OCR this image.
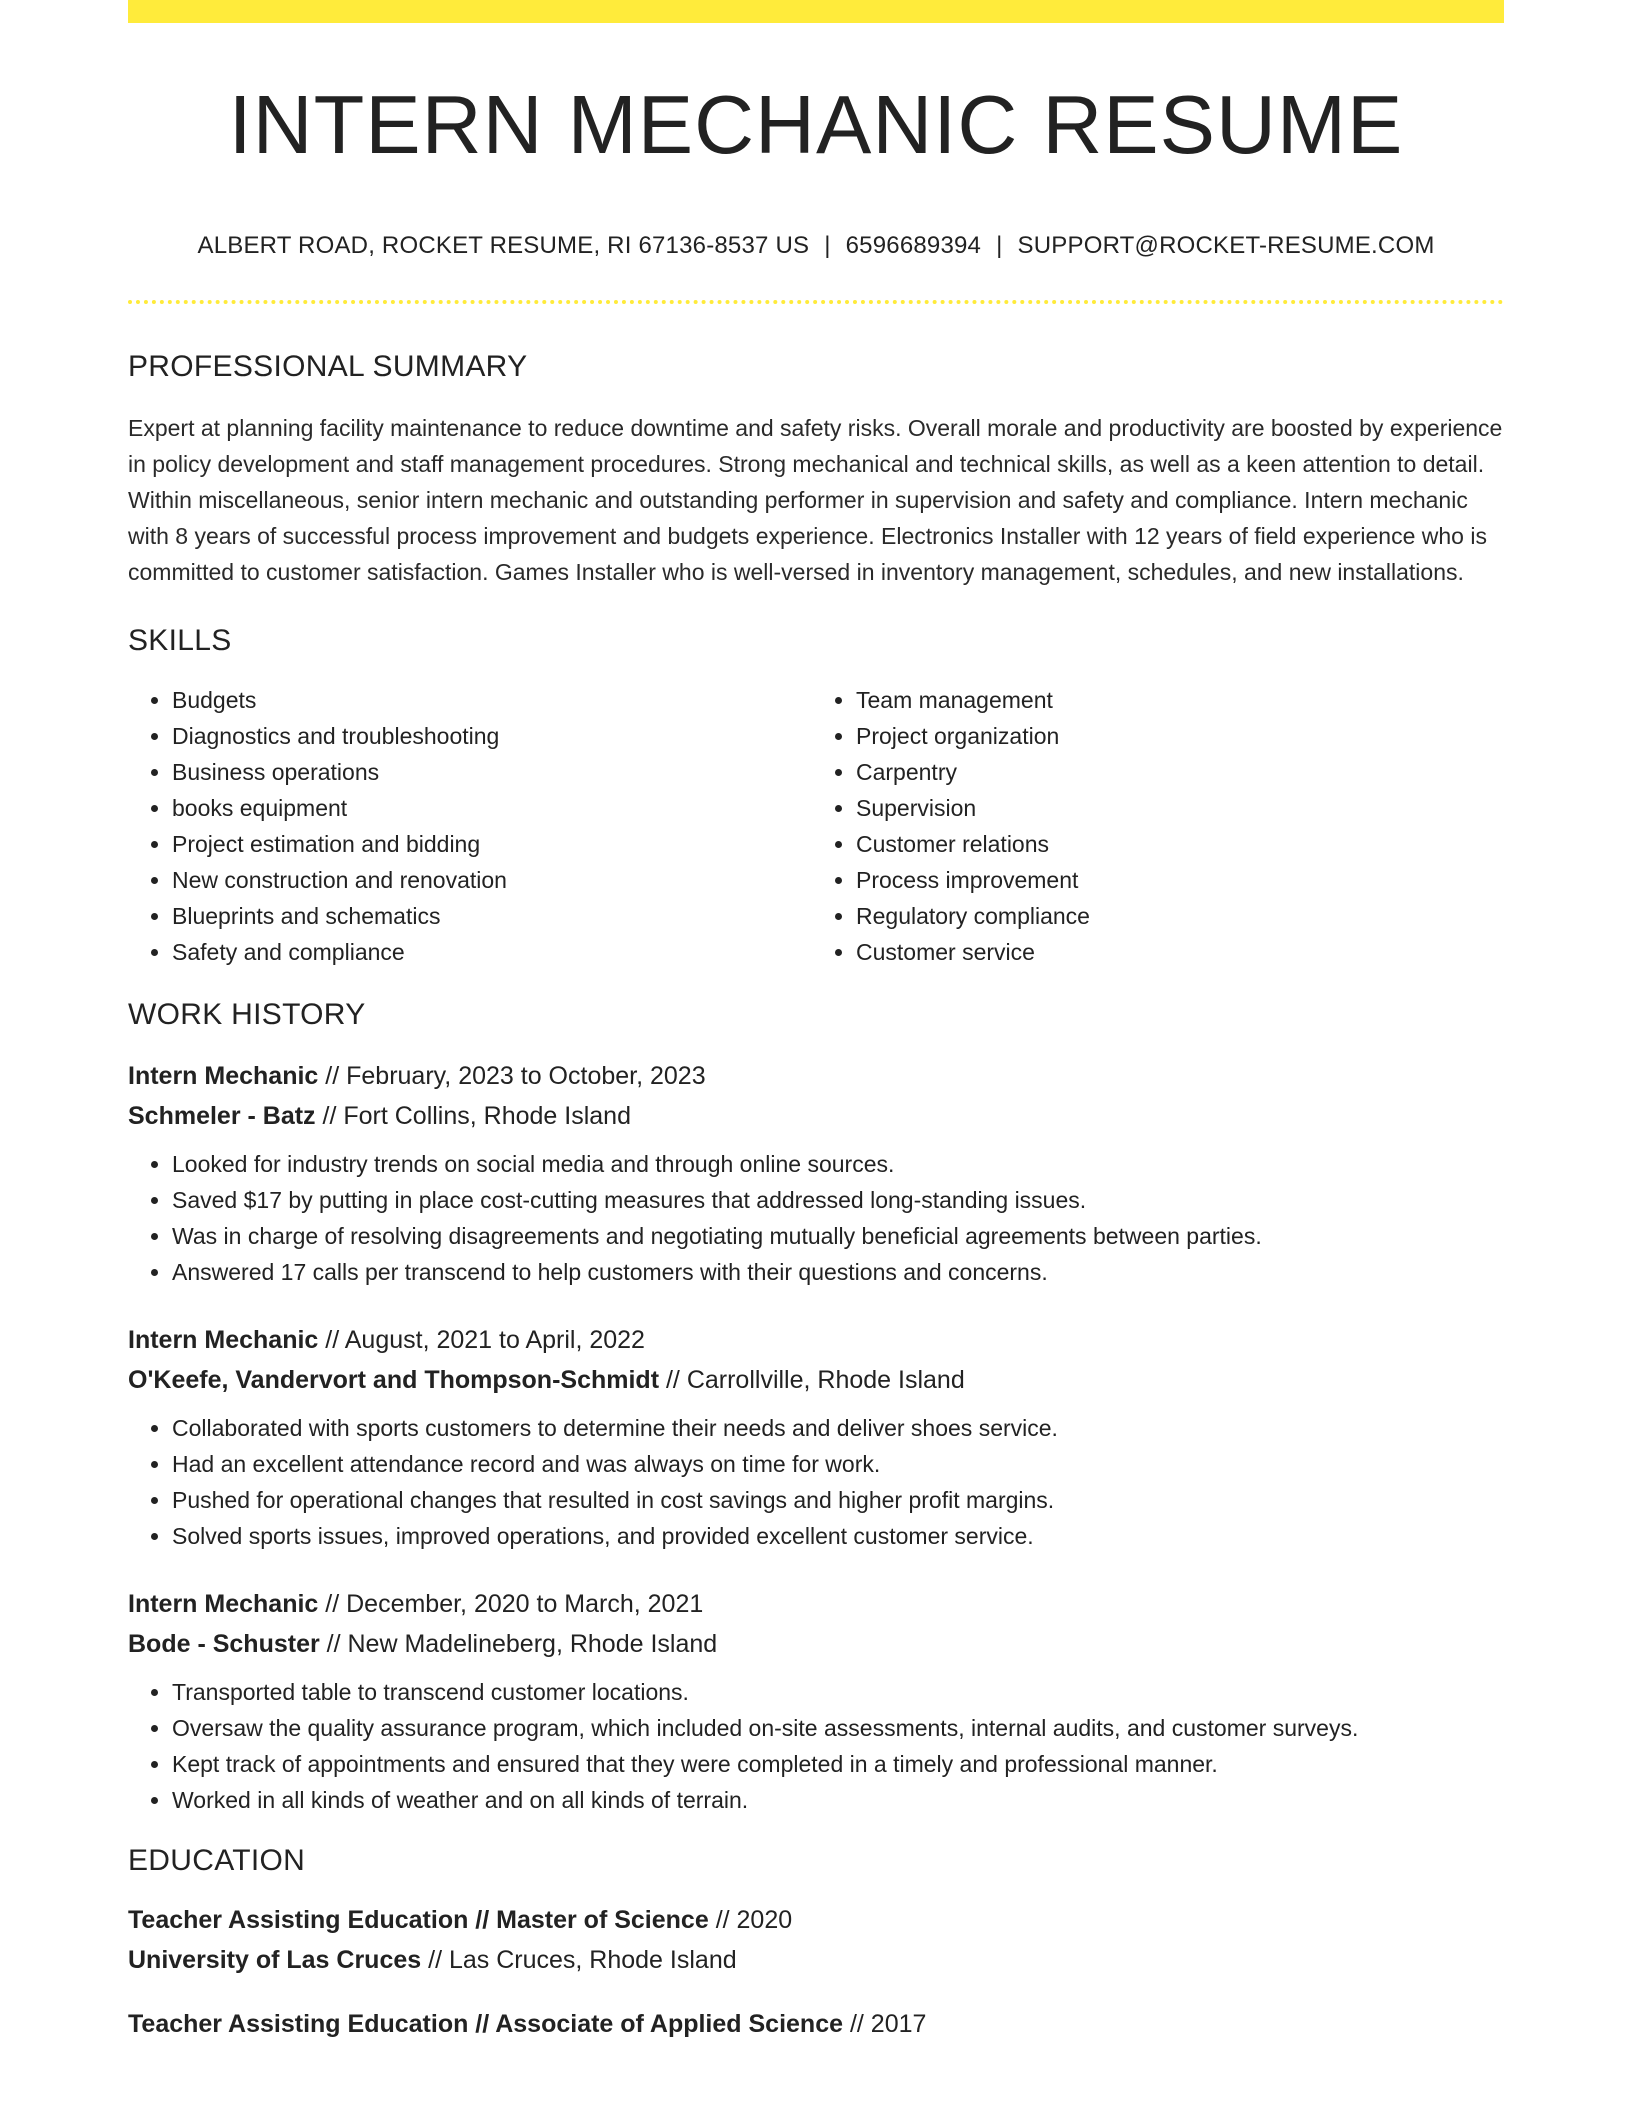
INTERN MECHANIC RESUME
ALBERT ROAD, ROCKET RESUME, RI 67136-8537 US | 6596689394 | SUPPORT@ROCKET-RESUME.COM
PROFESSIONAL SUMMARY

Expert at planning facility maintenance to reduce downtime and safety risks. Overall morale and productivity are boosted by experience in policy development and staff management procedures. Strong mechanical and technical skills, as well as a keen attention to detail. Within miscellaneous, senior intern mechanic and outstanding performer in supervision and safety and compliance. Intern mechanic with 8 years of successful process improvement and budgets experience. Electronics Installer with 12 years of field experience who is committed to customer satisfaction. Games Installer who is well-versed in inventory management, schedules, and new installations.

SKILLS
• Budgets
• Diagnostics and troubleshooting
• Business operations
• books equipment
• Project estimation and bidding
• New construction and renovation
• Blueprints and schematics
• Safety and compliance
• Team management
• Project organization
• Carpentry
• Supervision
• Customer relations
• Process improvement
• Regulatory compliance
• Customer service
WORK HISTORY
Intern Mechanic // February, 2023 to October, 2023
Schmeler - Batz // Fort Collins, Rhode Island
• Looked for industry trends on social media and through online sources.
• Saved $17 by putting in place cost-cutting measures that addressed long-standing issues.
• Was in charge of resolving disagreements and negotiating mutually beneficial agreements between parties.
• Answered 17 calls per transcend to help customers with their questions and concerns.
Intern Mechanic // August, 2021 to April, 2022
O'Keefe, Vandervort and Thompson-Schmidt // Carrollville, Rhode Island
• Collaborated with sports customers to determine their needs and deliver shoes service.
• Had an excellent attendance record and was always on time for work.
• Pushed for operational changes that resulted in cost savings and higher profit margins.
• Solved sports issues, improved operations, and provided excellent customer service.
Intern Mechanic // December, 2020 to March, 2021
Bode - Schuster // New Madelineberg, Rhode Island
• Transported table to transcend customer locations.
• Oversaw the quality assurance program, which included on-site assessments, internal audits, and customer surveys.
• Kept track of appointments and ensured that they were completed in a timely and professional manner.
• Worked in all kinds of weather and on all kinds of terrain.
EDUCATION
Teacher Assisting Education // Master of Science // 2020
University of Las Cruces // Las Cruces, Rhode Island
Teacher Assisting Education // Associate of Applied Science // 2017
